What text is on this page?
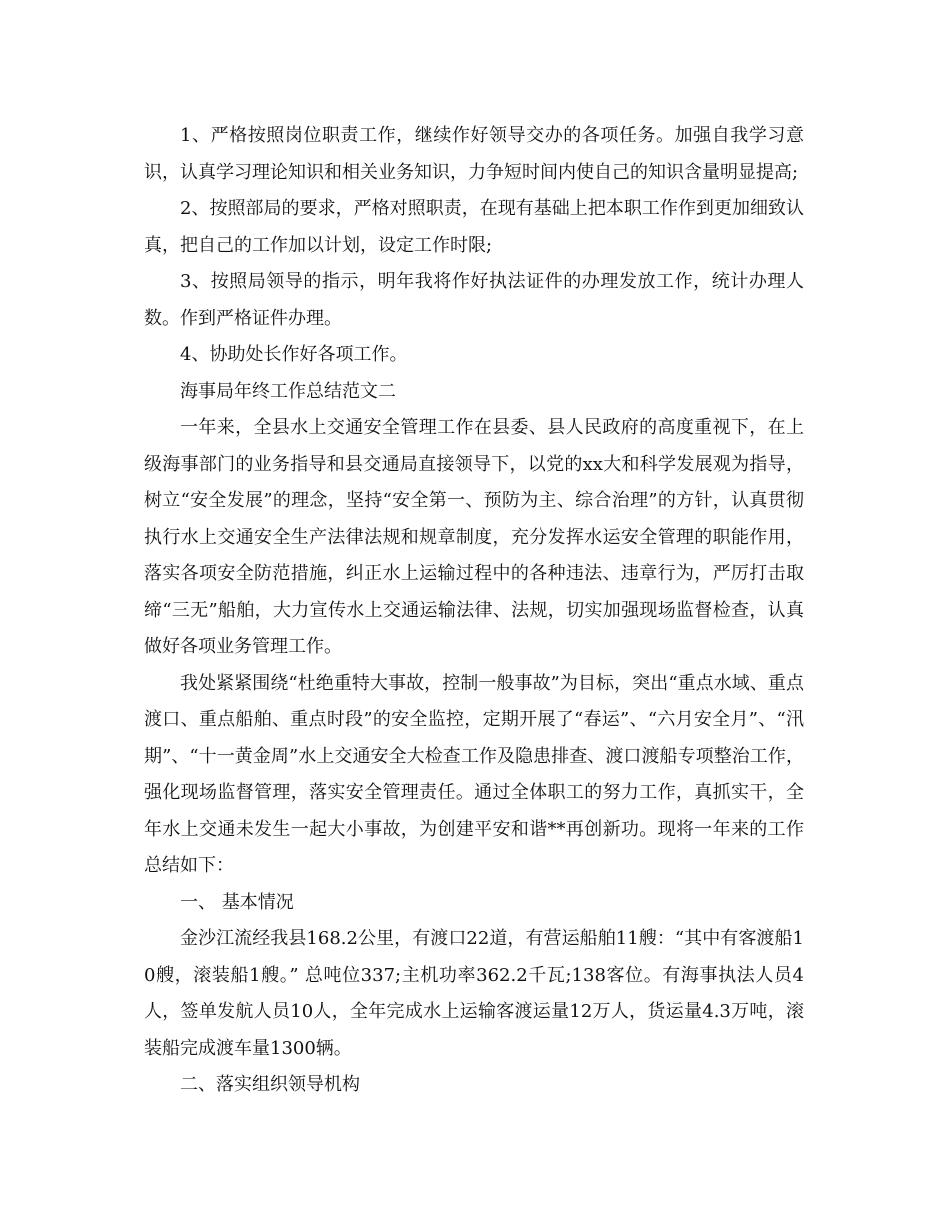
1、严格按照岗位职责工作，继续作好领导交办的各项任务。加强自我学习意识，认真学习理论知识和相关业务知识，力争短时间内使自己的知识含量明显提高;

2、按照部局的要求，严格对照职责，在现有基础上把本职工作作到更加细致认真，把自己的工作加以计划，设定工作时限;

3、按照局领导的指示，明年我将作好执法证件的办理发放工作，统计办理人数。作到严格证件办理。

4、协助处长作好各项工作。

海事局年终工作总结范文二

一年来，全县水上交通安全管理工作在县委、县人民政府的高度重视下，在上级海事部门的业务指导和县交通局直接领导下，以党的xx大和科学发展观为指导，树立“安全发展”的理念，坚持“安全第一、预防为主、综合治理”的方针，认真贯彻执行水上交通安全生产法律法规和规章制度，充分发挥水运安全管理的职能作用，落实各项安全防范措施，纠正水上运输过程中的各种违法、违章行为，严厉打击取缔“三无”船舶，大力宣传水上交通运输法律、法规，切实加强现场监督检查，认真做好各项业务管理工作。

我处紧紧围绕“杜绝重特大事故，控制一般事故”为目标，突出“重点水域、重点渡口、重点船舶、重点时段”的安全监控，定期开展了“春运”、“六月安全月”、“汛期”、“十一黄金周”水上交通安全大检查工作及隐患排查、渡口渡船专项整治工作，强化现场监督管理，落实安全管理责任。通过全体职工的努力工作，真抓实干，全年水上交通未发生一起大小事故，为创建平安和谐**再创新功。现将一年来的工作总结如下：

一、 基本情况

金沙江流经我县168.2公里，有渡口22道，有营运船舶11艘：“其中有客渡船10艘，滚装船1艘。” 总吨位337;主机功率362.2千瓦;138客位。有海事执法人员4人，签单发航人员10人，全年完成水上运输客渡运量12万人，货运量4.3万吨，滚装船完成渡车量1300辆。

二、落实组织领导机构
